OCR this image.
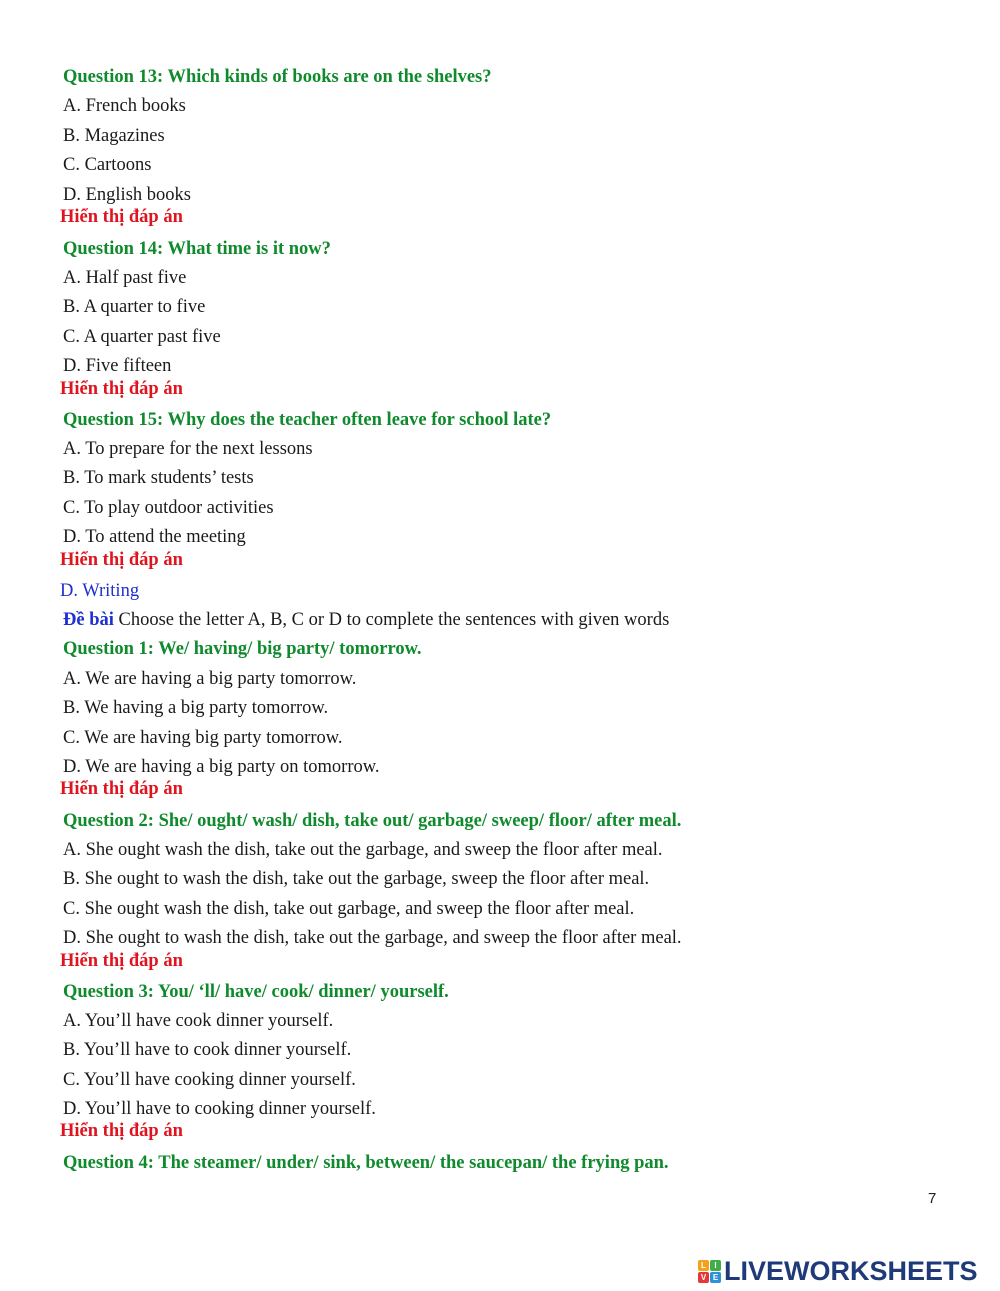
Question 13: Which kinds of books are on the shelves?
A. French books
B. Magazines
C. Cartoons
D. English books
Hiển thị đáp án
Question 14: What time is it now?
A. Half past five
B. A quarter to five
C. A quarter past five
D. Five fifteen
Hiển thị đáp án
Question 15: Why does the teacher often leave for school late?
A. To prepare for the next lessons
B. To mark students’ tests
C. To play outdoor activities
D. To attend the meeting
Hiển thị đáp án
D. Writing
Đề bài Choose the letter A, B, C or D to complete the sentences with given words
Question 1: We/ having/ big party/ tomorrow.
A. We are having a big party tomorrow.
B. We having a big party tomorrow.
C. We are having big party tomorrow.
D. We are having a big party on tomorrow.
Hiển thị đáp án
Question 2: She/ ought/ wash/ dish, take out/ garbage/ sweep/ floor/ after meal.
A. She ought wash the dish, take out the garbage, and sweep the floor after meal.
B. She ought to wash the dish, take out the garbage, sweep the floor after meal.
C. She ought wash the dish, take out garbage, and sweep the floor after meal.
D. She ought to wash the dish, take out the garbage, and sweep the floor after meal.
Hiển thị đáp án
Question 3: You/ ‘ll/ have/ cook/ dinner/ yourself.
A. You’ll have cook dinner yourself.
B. You’ll have to cook dinner yourself.
C. You’ll have cooking dinner yourself.
D. You’ll have to cooking dinner yourself.
Hiển thị đáp án
Question 4: The steamer/ under/ sink, between/ the saucepan/ the frying pan.
7
L	I
V E LIVEWORKSHEETS
